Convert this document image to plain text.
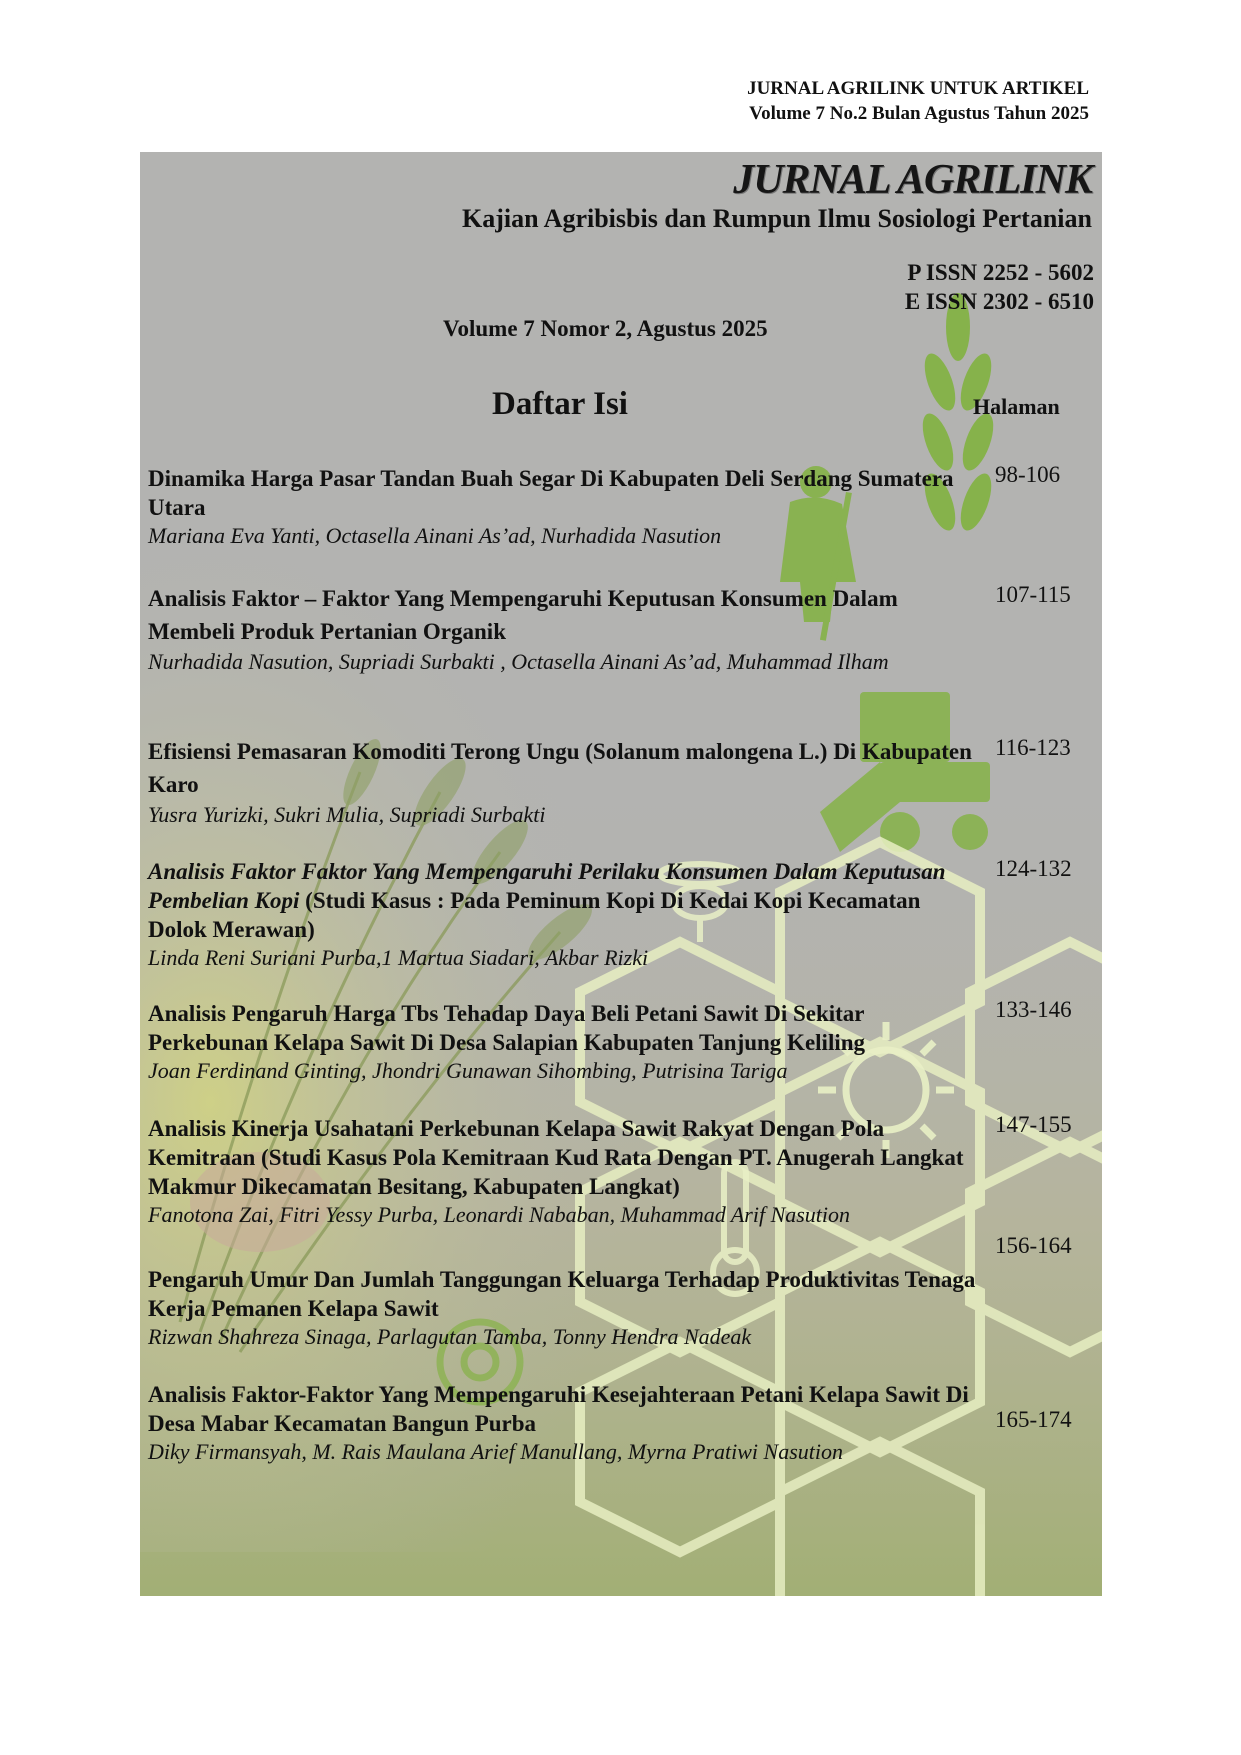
JURNAL AGRILINK UNTUK ARTIKEL
Volume 7 No.2 Bulan Agustus Tahun 2025
JURNAL AGRILINK
Kajian Agribisbis dan Rumpun Ilmu Sosiologi Pertanian
P ISSN 2252 - 5602
E ISSN 2302 - 6510
Volume 7 Nomor 2, Agustus 2025
Daftar Isi	Halaman
Dinamika Harga Pasar Tandan Buah Segar Di Kabupaten Deli Serdang Sumatera Utara
Mariana Eva Yanti, Octasella Ainani As’ad, Nurhadida Nasution
98-106
Analisis Faktor – Faktor Yang Mempengaruhi Keputusan Konsumen Dalam Membeli Produk Pertanian Organik
Nurhadida Nasution, Supriadi Surbakti , Octasella Ainani As’ad, Muhammad Ilham
107-115
Efisiensi Pemasaran Komoditi Terong Ungu (Solanum malongena L.) Di Kabupaten Karo
Yusra Yurizki, Sukri Mulia, Supriadi Surbakti
116-123
Analisis Faktor Faktor Yang Mempengaruhi Perilaku Konsumen Dalam Keputusan Pembelian Kopi (Studi Kasus : Pada Peminum Kopi Di Kedai Kopi Kecamatan Dolok Merawan)
Linda Reni Suriani Purba,1 Martua Siadari, Akbar Rizki
124-132
Analisis Pengaruh Harga Tbs Tehadap Daya Beli Petani Sawit Di Sekitar Perkebunan Kelapa Sawit Di Desa Salapian Kabupaten Tanjung Keliling
Joan Ferdinand Ginting, Jhondri Gunawan Sihombing, Putrisina Tariga
133-146
Analisis Kinerja Usahatani Perkebunan Kelapa Sawit Rakyat Dengan Pola Kemitraan (Studi Kasus Pola Kemitraan Kud Rata Dengan PT. Anugerah Langkat Makmur Dikecamatan Besitang, Kabupaten Langkat)
Fanotona Zai, Fitri Yessy Purba, Leonardi Nababan, Muhammad Arif Nasution
147-155
Pengaruh Umur Dan Jumlah Tanggungan Keluarga Terhadap Produktivitas Tenaga Kerja Pemanen Kelapa Sawit
Rizwan Shahreza Sinaga, Parlagutan Tamba, Tonny Hendra Nadeak
156-164
Analisis Faktor-Faktor Yang Mempengaruhi Kesejahteraan Petani Kelapa Sawit Di Desa Mabar Kecamatan Bangun Purba
Diky Firmansyah, M. Rais Maulana Arief Manullang, Myrna Pratiwi Nasution
165-174
